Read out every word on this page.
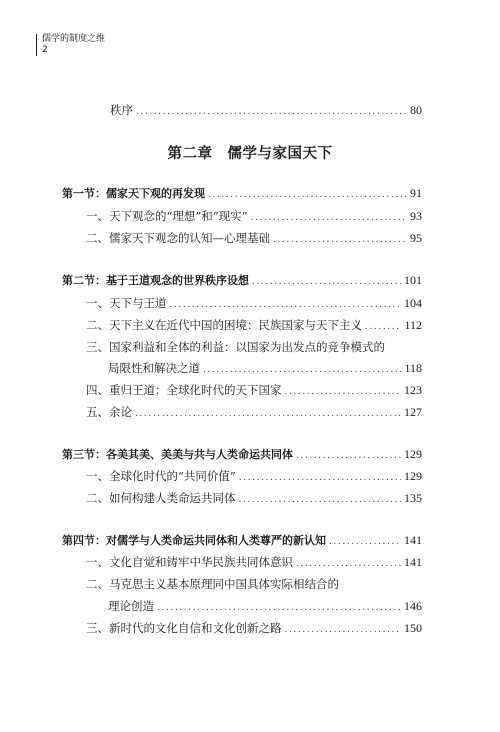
儒学的制度之维
2
秩序 .....	80
第二章　儒学与家国天下
第一节：儒家天下观的再发现 .....	91
一、天下观念的“理想”和“现实” .....	93
二、儒家天下观念的认知—心理基础 .....	95
第二节：基于王道观念的世界秩序设想 .....	101
一、天下与王道 .....	104
二、天下主义在近代中国的困境：民族国家与天下主义 .....	112
三、国家利益和全体的利益：以国家为出发点的竞争模式的
局限性和解决之道 .....	118
四、重归王道：全球化时代的天下国家 .....	123
五、余论 .....	127
第三节：各美其美、美美与共与人类命运共同体 .....	129
一、全球化时代的“共同价值” .....	129
二、如何构建人类命运共同体 .....	135
第四节：对儒学与人类命运共同体和人类尊严的新认知 .....	141
一、文化自觉和铸牢中华民族共同体意识 .....	141
二、马克思主义基本原理同中国具体实际相结合的
理论创造 .....	146
三、新时代的文化自信和文化创新之路 .....	150
